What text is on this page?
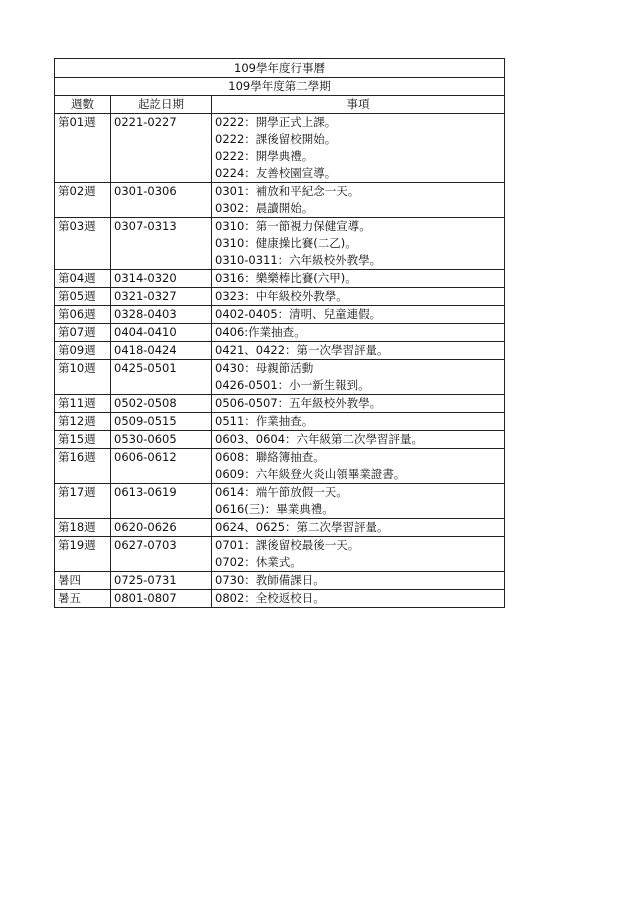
109學年度行事曆		
109學年度第二學期		
週數	起訖日期	事項
第01週	0221-0227	0222：開學正式上課。
0222：課後留校開始。
0222：開學典禮。
0224：友善校園宣導。

第02週	0301-0306	0301：補放和平紀念一天。
0302：晨讀開始。

第03週	0307-0313	0310：第一節視力保健宣導。
0310：健康操比賽(二乙)。
0310-0311：六年級校外教學。

第04週	0314-0320	0316：樂樂棒比賽(六甲)。

第05週	0321-0327	0323：中年級校外教學。

第06週	0328-0403	0402-0405：清明、兒童連假。

第07週	0404-0410	0406:作業抽查。

第09週	0418-0424	0421、0422：第一次學習評量。

第10週	0425-0501	0430：母親節活動
0426-0501：小一新生報到。

第11週	0502-0508	0506-0507：五年級校外教學。

第12週	0509-0515	0511：作業抽查。

第15週	0530-0605	0603、0604：六年級第二次學習評量。

第16週	0606-0612	0608：聯絡簿抽查。
0609：六年級登火炎山領畢業證書。

第17週	0613-0619	0614：端午節放假一天。
0616(三)：畢業典禮。

第18週	0620-0626	0624、0625：第二次學習評量。

第19週	0627-0703	0701：課後留校最後一天。
0702：休業式。

暑四	0725-0731	0730：教師備課日。

暑五	0801-0807	0802：全校返校日。
